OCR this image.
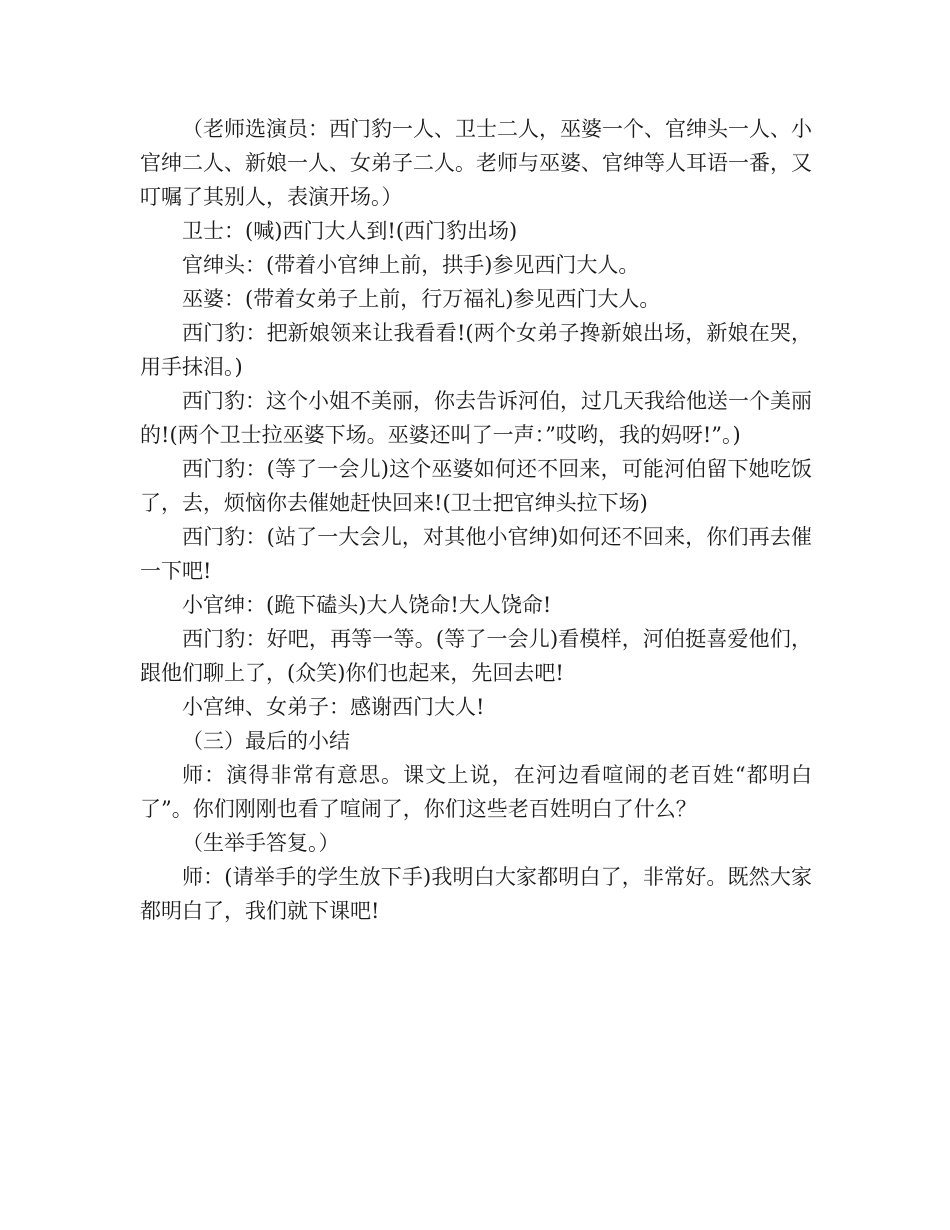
（老师选演员：西门豹一人、卫士二人，巫婆一个、官绅头一人、小官绅二人、新娘一人、女弟子二人。老师与巫婆、官绅等人耳语一番，又叮嘱了其别人，表演开场。）

卫士：(喊)西门大人到!(西门豹出场)

官绅头：(带着小官绅上前，拱手)参见西门大人。

巫婆：(带着女弟子上前，行万福礼)参见西门大人。

西门豹：把新娘领来让我看看!(两个女弟子搀新娘出场，新娘在哭，用手抹泪。)

西门豹：这个小姐不美丽，你去告诉河伯，过几天我给他送一个美丽的!(两个卫士拉巫婆下场。巫婆还叫了一声：”哎哟，我的妈呀!”。)

西门豹：(等了一会儿)这个巫婆如何还不回来，可能河伯留下她吃饭了，去，烦恼你去催她赶快回来!(卫士把官绅头拉下场)

西门豹：(站了一大会儿，对其他小官绅)如何还不回来，你们再去催一下吧!

小官绅：(跪下磕头)大人饶命!大人饶命!

西门豹：好吧，再等一等。(等了一会儿)看模样，河伯挺喜爱他们，跟他们聊上了，(众笑)你们也起来，先回去吧!

小宫绅、女弟子：感谢西门大人!

（三）最后的小结

师：演得非常有意思。课文上说，在河边看喧闹的老百姓“都明白了”。你们刚刚也看了喧闹了，你们这些老百姓明白了什么？

（生举手答复。）

师：(请举手的学生放下手)我明白大家都明白了，非常好。既然大家都明白了，我们就下课吧!
